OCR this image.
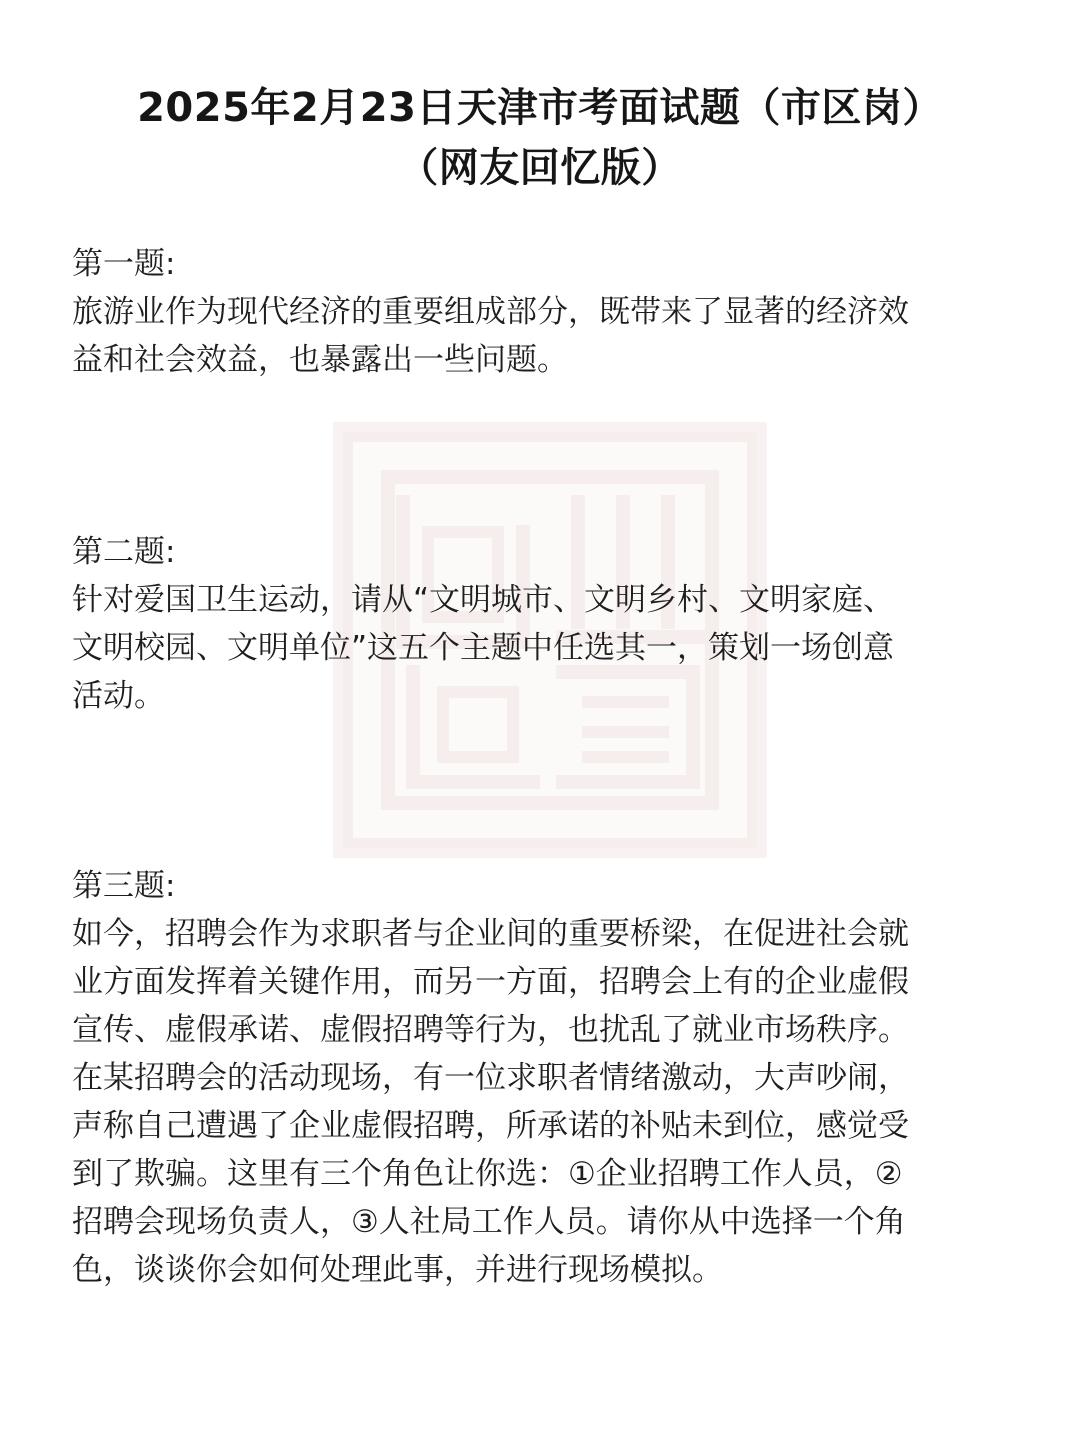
2025年2月23日天津市考面试题（市区岗）
（网友回忆版）
第一题:
旅游业作为现代经济的重要组成部分，既带来了显著的经济效
益和社会效益，也暴露出一些问题。
第二题:
针对爱国卫生运动，请从“文明城市、文明乡村、文明家庭、
文明校园、文明单位”这五个主题中任选其一，策划一场创意
活动。
第三题:
如今，招聘会作为求职者与企业间的重要桥梁，在促进社会就
业方面发挥着关键作用，而另一方面，招聘会上有的企业虚假
宣传、虚假承诺、虚假招聘等行为，也扰乱了就业市场秩序。
在某招聘会的活动现场，有一位求职者情绪激动，大声吵闹，
声称自己遭遇了企业虚假招聘，所承诺的补贴未到位，感觉受
到了欺骗。这里有三个角色让你选：①企业招聘工作人员，②
招聘会现场负责人，③人社局工作人员。请你从中选择一个角
色，谈谈你会如何处理此事，并进行现场模拟。
